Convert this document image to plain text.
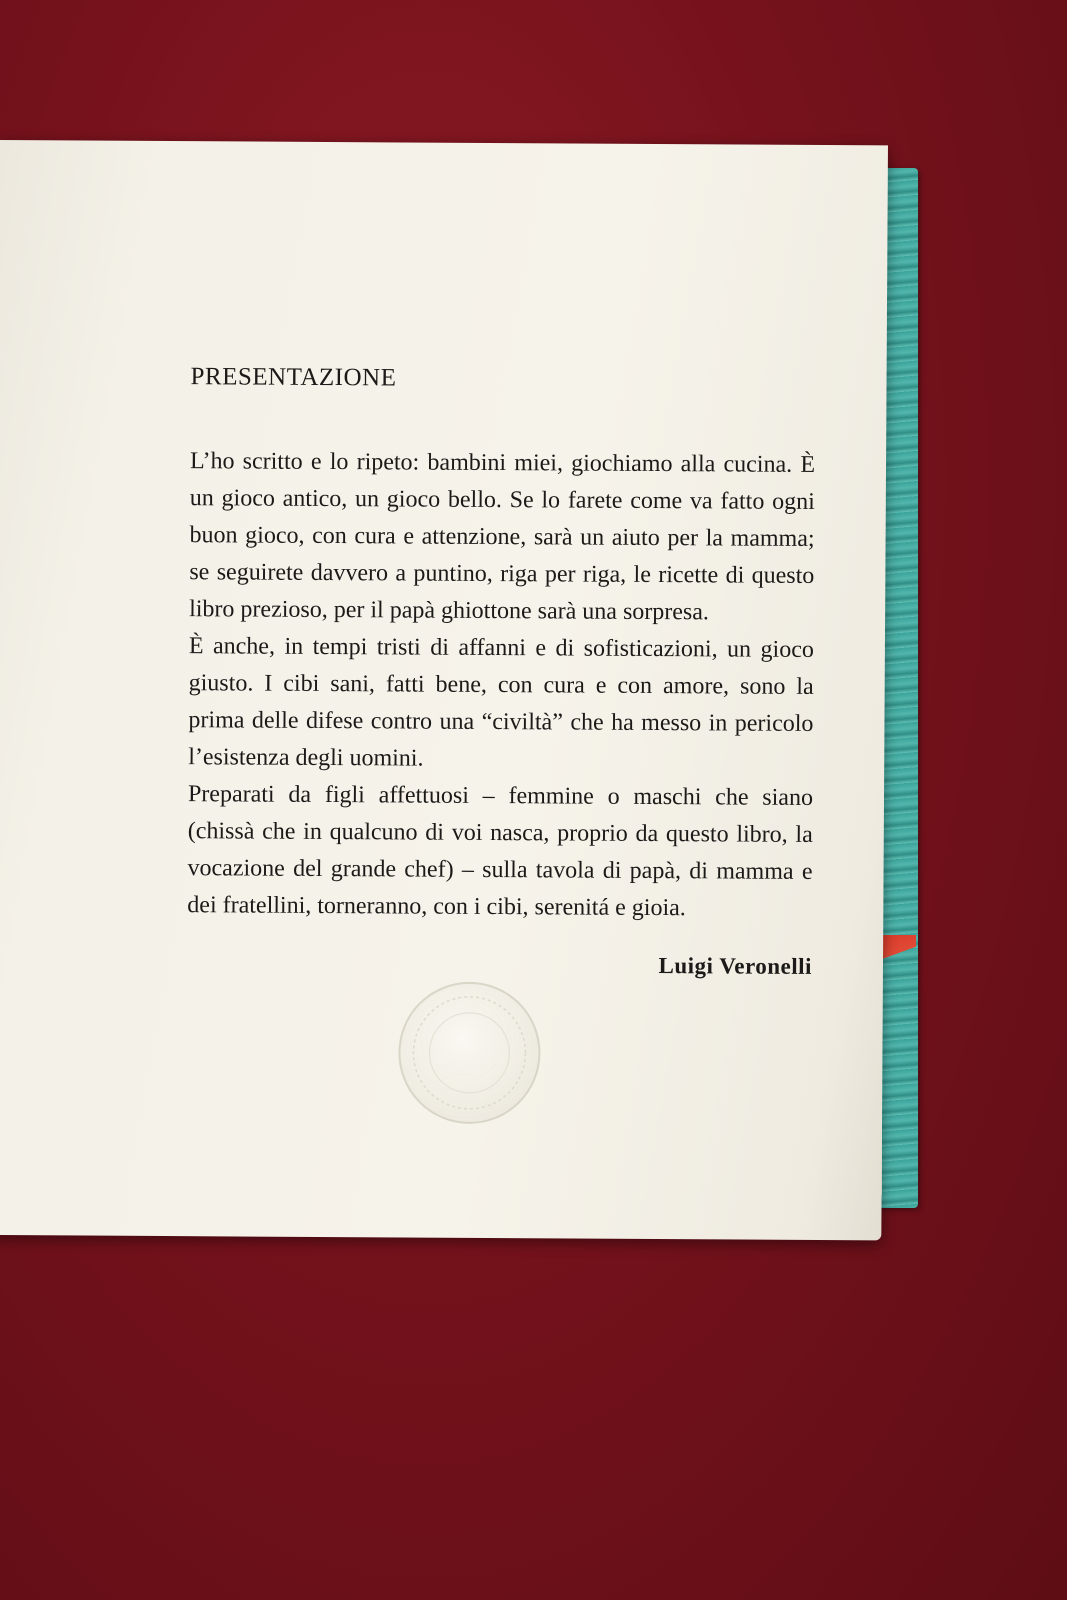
PRESENTAZIONE

L’ho scritto e lo ripeto: bambini miei, giochiamo alla cucina. È un gioco antico, un gioco bello. Se lo farete come va fatto ogni buon gioco, con cura e attenzione, sarà un aiuto per la mamma; se seguirete davvero a puntino, riga per riga, le ricette di questo libro prezioso, per il papà ghiottone sarà una sorpresa.

È anche, in tempi tristi di affanni e di sofisticazioni, un gioco giusto. I cibi sani, fatti bene, con cura e con amore, sono la prima delle difese contro una “civiltà” che ha messo in pericolo l’esistenza degli uomini.

Preparati da figli affettuosi – femmine o maschi che siano (chissà che in qualcuno di voi nasca, proprio da questo libro, la vocazione del grande chef) – sulla tavola di papà, di mamma e dei fratellini, torneranno, con i cibi, serenitá e gioia.

Luigi Veronelli
